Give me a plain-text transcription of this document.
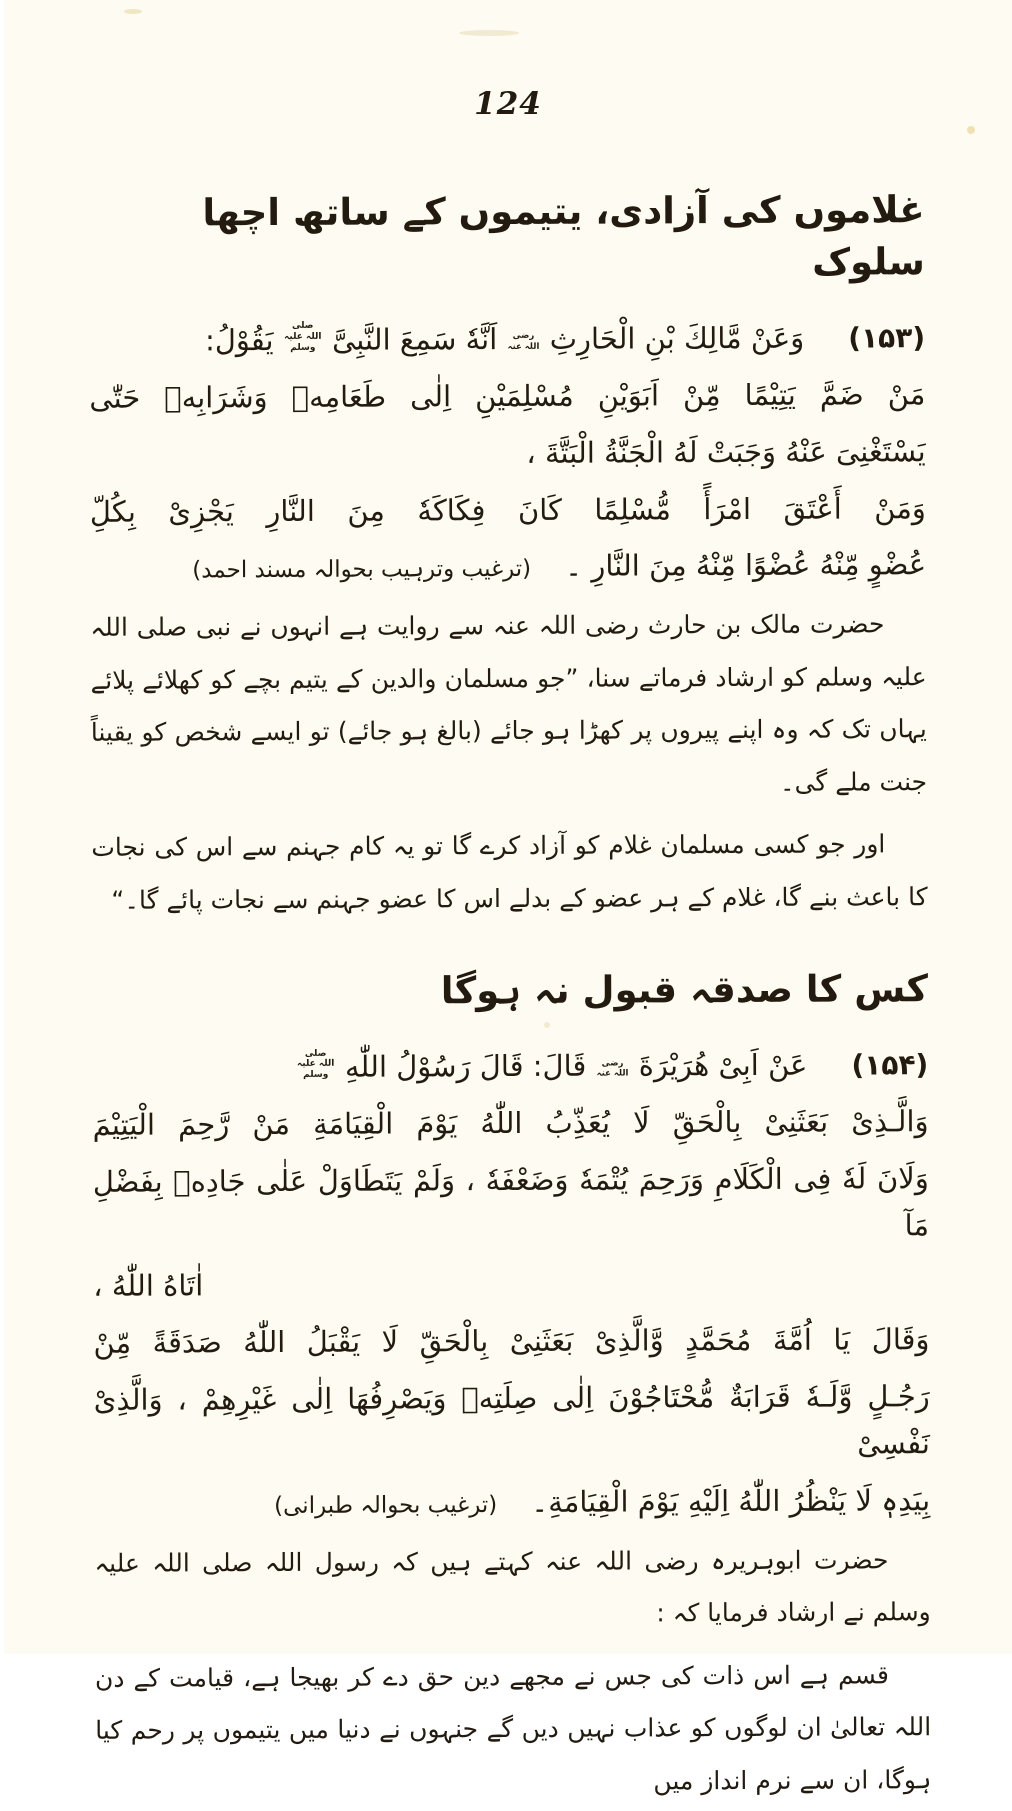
124
غلاموں کی آزادی، یتیموں کے ساتھ اچھا سلوک
(۱۵۳)
وَعَنْ مَّالِكَ بْنِ الْحَارِثِ رضی اللہ عنہ اَنَّهٗ سَمِعَ النَّبِیَّ صلی اللہ علیہ وسلم يَقُوْلُ:
مَنْ ضَمَّ يَتِيْمًا مِّنْ اَبَوَيْنِ مُسْلِمَيْنِ اِلٰى طَعَامِهٖ وَشَرَابِهٖ حَتّٰى
يَسْتَغْنِیَ عَنْهُ وَجَبَتْ لَهُ الْجَنَّةُ الْبَتَّةَ ،
وَمَنْ أَعْتَقَ امْرَأً مُّسْلِمًا كَانَ فِكَاكَهٗ مِنَ النَّارِ يَجْزِیْ بِكُلِّ
عُضْوٍ مِّنْهُ عُضْوًا مِّنْهُ مِنَ النَّارِ ۔
(ترغیب وترہیب بحوالہ مسند احمد)

حضرت مالک بن حارث رضی اللہ عنہ سے روایت ہے انہوں نے نبی صلی اللہ علیہ وسلم کو ارشاد فرماتے سنا، ”جو مسلمان والدین کے یتیم بچے کو کھلائے پلائے یہاں تک کہ وہ اپنے پیروں پر کھڑا ہو جائے (بالغ ہو جائے) تو ایسے شخص کو یقیناً جنت ملے گی۔

اور جو کسی مسلمان غلام کو آزاد کرے گا تو یہ کام جہنم سے اس کی نجات کا باعث بنے گا، غلام کے ہر عضو کے بدلے اس کا عضو جہنم سے نجات پائے گا۔“

کس کا صدقہ قبول نہ ہوگا
(۱۵۴)
عَنْ اَبِیْ هُرَيْرَةَ رضی اللہ عنہ قَالَ: قَالَ رَسُوْلُ اللّٰهِ صلی اللہ علیہ وسلم
وَالَّـذِیْ بَعَثَنِیْ بِالْحَقِّ لَا يُعَذِّبُ اللّٰهُ يَوْمَ الْقِيَامَةِ مَنْ رَّحِمَ الْيَتِيْمَ
وَلَانَ لَهٗ فِی الْكَلَامِ وَرَحِمَ يُتْمَهٗ وَضَعْفَهٗ ، وَلَمْ يَتَطَاوَلْ عَلٰى جَادِهٖ بِفَضْلِ مَآ
اٰتَاهُ اللّٰهُ ،
وَقَالَ يَا اُمَّةَ مُحَمَّدٍ وَّالَّذِیْ بَعَثَنِیْ بِالْحَقِّ لَا يَقْبَلُ اللّٰهُ صَدَقَةً مِّنْ
رَجُـلٍ وَّلَـهٗ قَرَابَةٌ مُّحْتَاجُوْنَ اِلٰى صِلَتِهٖ وَيَصْرِفُهَا اِلٰى غَيْرِهِمْ ، وَالَّذِیْ نَفْسِیْ
بِيَدِهٖ لَا يَنْظُرُ اللّٰهُ اِلَيْهِ يَوْمَ الْقِيَامَةِ۔
(ترغیب بحوالہ طبرانی)

حضرت ابوہریرہ رضی اللہ عنہ کہتے ہیں کہ رسول اللہ صلی اللہ علیہ وسلم نے ارشاد فرمایا کہ :

قسم ہے اس ذات کی جس نے مجھے دین حق دے کر بھیجا ہے، قیامت کے دن اللہ تعالیٰ ان لوگوں کو عذاب نہیں دیں گے جنہوں نے دنیا میں یتیموں پر رحم کیا ہوگا، ان سے نرم انداز میں
